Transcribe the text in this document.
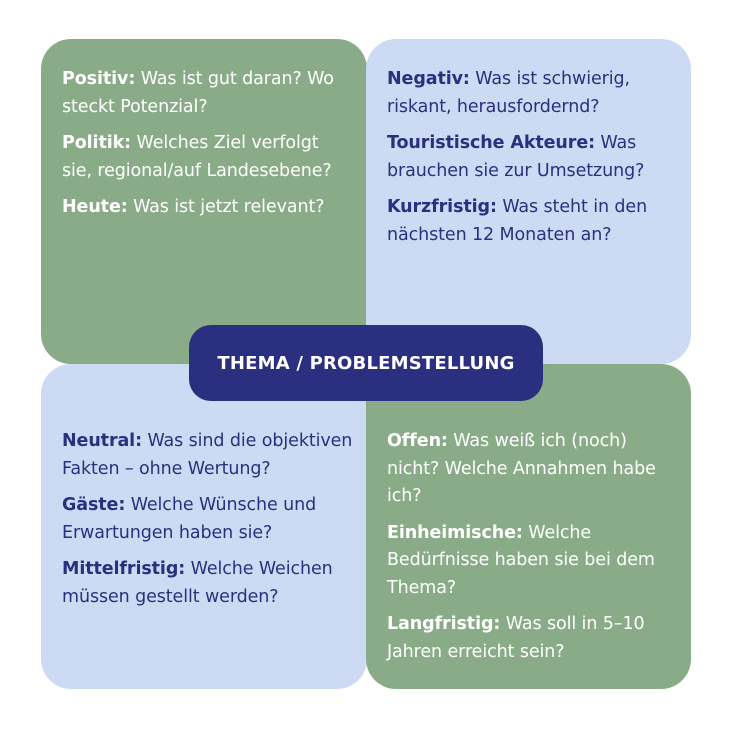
Positiv: Was ist gut daran? Wo steckt Potenzial?

Politik: Welches Ziel verfolgt sie, regional/auf Landesebene?

Heute: Was ist jetzt relevant?

Negativ: Was ist schwierig, riskant, herausfordernd?

Touristische Akteure: Was brauchen sie zur Umsetzung?

Kurzfristig: Was steht in den nächsten 12 Monaten an?

Neutral: Was sind die objektiven Fakten – ohne Wertung?

Gäste: Welche Wünsche und Erwartungen haben sie?

Mittelfristig: Welche Weichen müssen gestellt werden?

Offen: Was weiß ich (noch) nicht? Welche Annahmen habe ich?

Einheimische: Welche Bedürfnisse haben sie bei dem Thema?

Langfristig: Was soll in 5–10 Jahren erreicht sein?

THEMA / PROBLEMSTELLUNG
